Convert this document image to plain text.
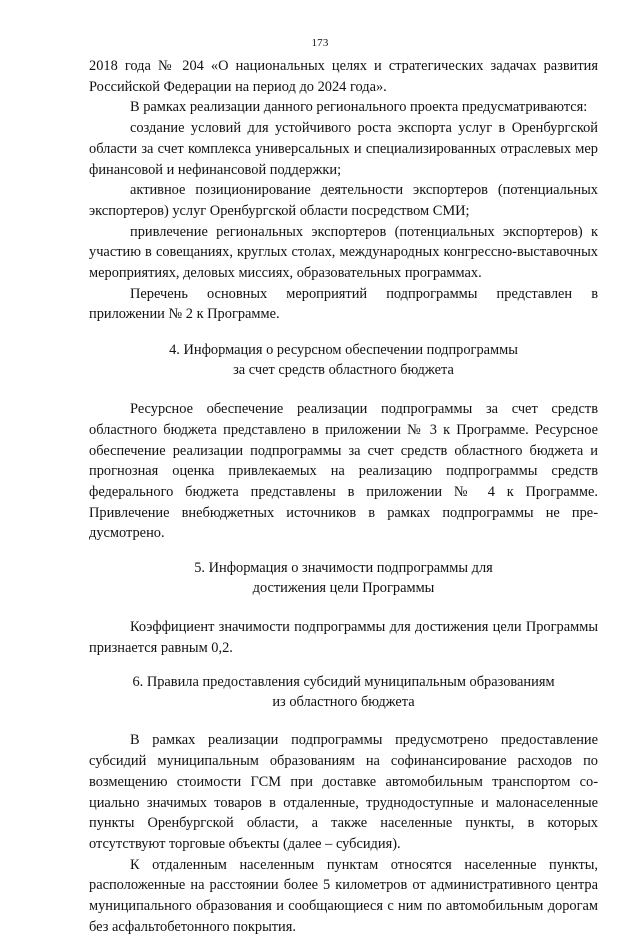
173

2018 года № 204 «О национальных целях и стратегических задачах развития Российской Федерации на период до 2024 года».

В рамках реализации данного регионального проекта предусматриваются:

создание условий для устойчивого роста экспорта услуг в Оренбургской области за счет комплекса универсальных и специализированных отраслевых мер финансовой и нефинансовой поддержки;

активное позиционирование деятельности экспортеров (потенциальных экспортеров) услуг Оренбургской области посредством СМИ;

привлечение региональных экспортеров (потенциальных экспортеров) к участию в совещаниях, круглых столах, международных конгрессно-выставочных мероприятиях, деловых миссиях, образовательных программах.

Перечень основных мероприятий подпрограммы представлен в приложении № 2 к Программе.

4. Информация о ресурсном обеспечении подпрограммы
за счет средств областного бюджета

Ресурсное обеспечение реализации подпрограммы за счет средств областного бюджета представлено в приложении № 3 к Программе. Ресурсное обеспечение реализации подпрограммы за счет средств областного бюджета и прогнозная оценка привлекаемых на реализацию подпрограммы средств федерального бюджета представлены в приложении № 4 к Программе. Привлечение внебюджетных источников в рамках подпрограммы не предусмотрено.

5. Информация о значимости подпрограммы для
достижения цели Программы

Коэффициент значимости подпрограммы для достижения цели Программы признается равным 0,2.

6. Правила предоставления субсидий муниципальным образованиям
из областного бюджета

В рамках реализации подпрограммы предусмотрено предоставление субсидий муниципальным образованиям на софинансирование расходов по возмещению стоимости ГСМ при доставке автомобильным транспортом социально значимых товаров в отдаленные, труднодоступные и малонаселенные пункты Оренбургской области, а также населенные пункты, в которых отсутствуют торговые объекты (далее – субсидия).

К отдаленным населенным пунктам относятся населенные пункты, расположенные на расстоянии более 5 километров от административного центра муниципального образования и сообщающиеся с ним по автомобильным дорогам без асфальтобетонного покрытия.
